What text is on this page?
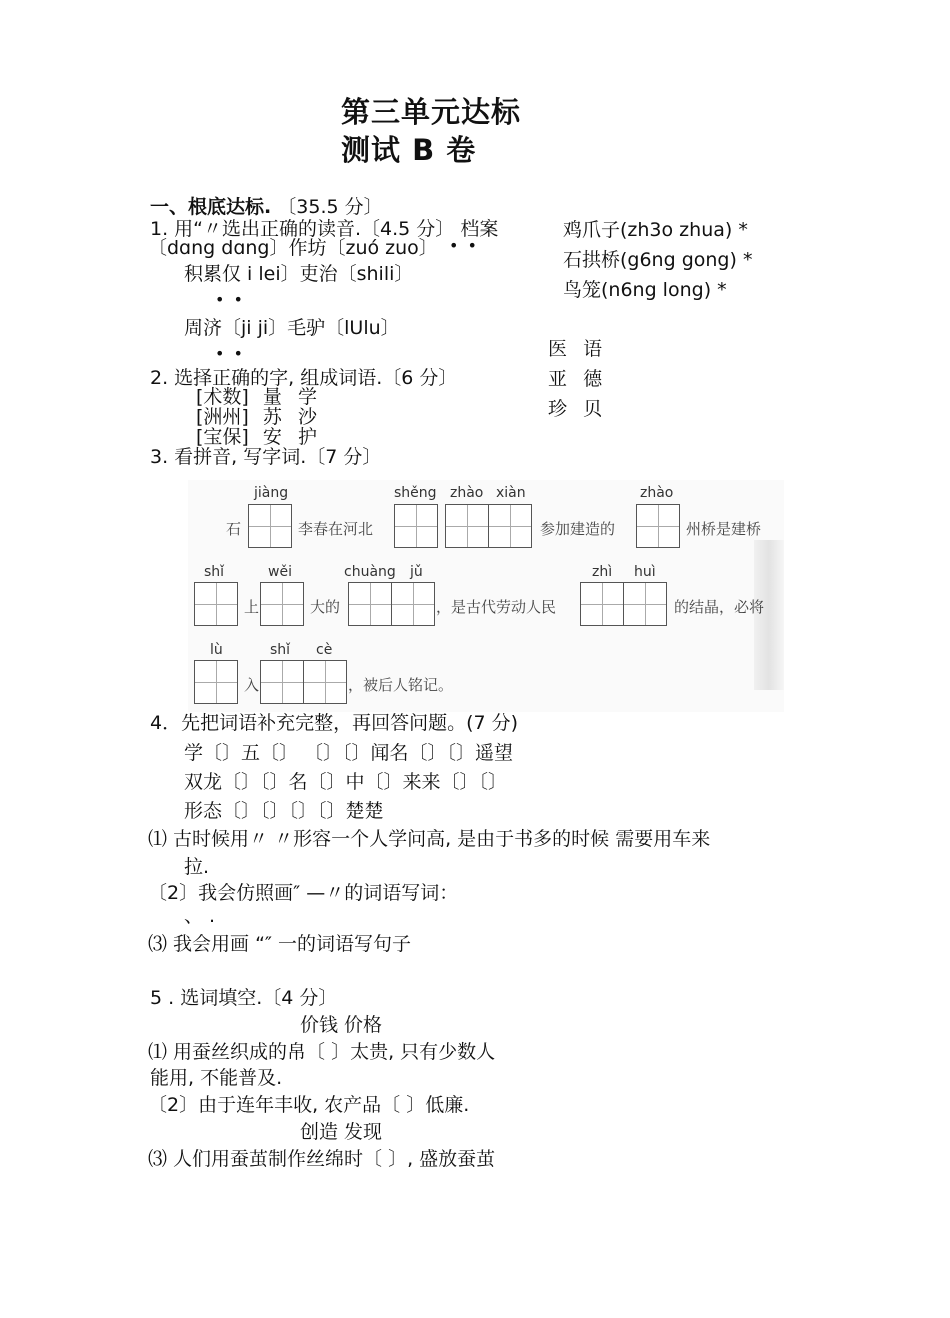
第三单元达标
测试 B 卷
一、根底达标. 〔35.5 分〕
1. 用“〃选出正确的读音.〔4.5 分〕 档案
〔dɑng dɑng〕作坊〔zuó zuo〕 • •
积累仅 i lei〕吏治〔shili〕
• •
周济〔ji ji〕毛驴〔lUlu〕
• •
鸡爪子(zh3o zhua) *
石拱桥(g6ng gong) *
鸟笼(n6ng long) *
2. 选择正确的字, 组成词语.〔6 分〕
[术数] 量 学
[洲州] 苏 沙
[宝保] 安 护
医 语
亚 德
珍 贝
3. 看拼音, 写字词.〔7 分〕
石
jiàng
李春在河北
shěng zhào xiàn
参加建造的
zhào
州桥是建桥
shǐ
上
wěi
大的
chuàng jǔ
，是古代劳动人民
zhì huì
的结晶，必将
lù
入
shǐ cè
，被后人铭记。
4．先把词语补充完整，再回答问题。(7 分)
学〔〕五〔〕 〔〕〔〕闻名〔〕〔〕遥望
双龙〔〕〔〕名〔〕中〔〕来来〔〕〔〕
形态〔〕〔〕〔〕〔〕楚楚
⑴ 古时候用〃 〃形容一个人学问高, 是由于书多的时候 需要用车来
拉.
〔2〕我会仿照画″ —〃的词语写词：
、 .
⑶ 我会用画 “″ 一的词语写句子
5 . 选词填空.〔4 分〕
价钱 价格
⑴ 用蚕丝织成的帛〔 〕太贵, 只有少数人
能用, 不能普及.
〔2〕由于连年丰收, 农产品〔 〕低廉.
创造 发现
⑶ 人们用蚕茧制作丝绵时〔 〕, 盛放蚕茧
